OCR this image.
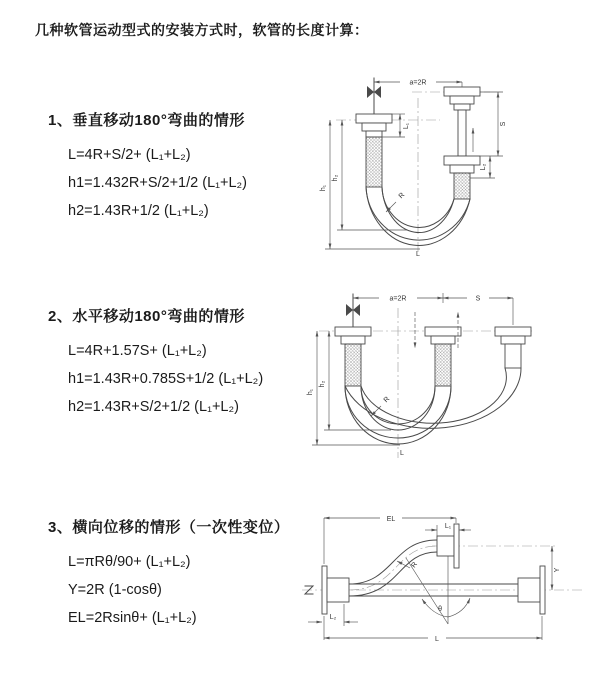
几种软管运动型式的安装方式时，软管的长度计算：
1、垂直移动180°弯曲的情形

L=4R+S/2+ (L₁+L₂)

h1=1.432R+S/2+1/2 (L₁+L₂)

h2=1.43R+1/2 (L₁+L₂)

2、水平移动180°弯曲的情形

L=4R+1.57S+ (L₁+L₂)

h1=1.43R+0.785S+1/2 (L₁+L₂)

h2=1.43R+S/2+1/2 (L₁+L₂)

3、横向位移的情形（一次性变位）

L=πRθ/90+ (L₁+L₂)

Y=2R (1-cosθ)

EL=2Rsinθ+ (L₁+L₂)

a=2R
h₁
h₂
L₁	S
L₂
R
L
a=2R	S
h₁
h₂
R
L
EL
L₁
Y
R
θ
L
L₂
